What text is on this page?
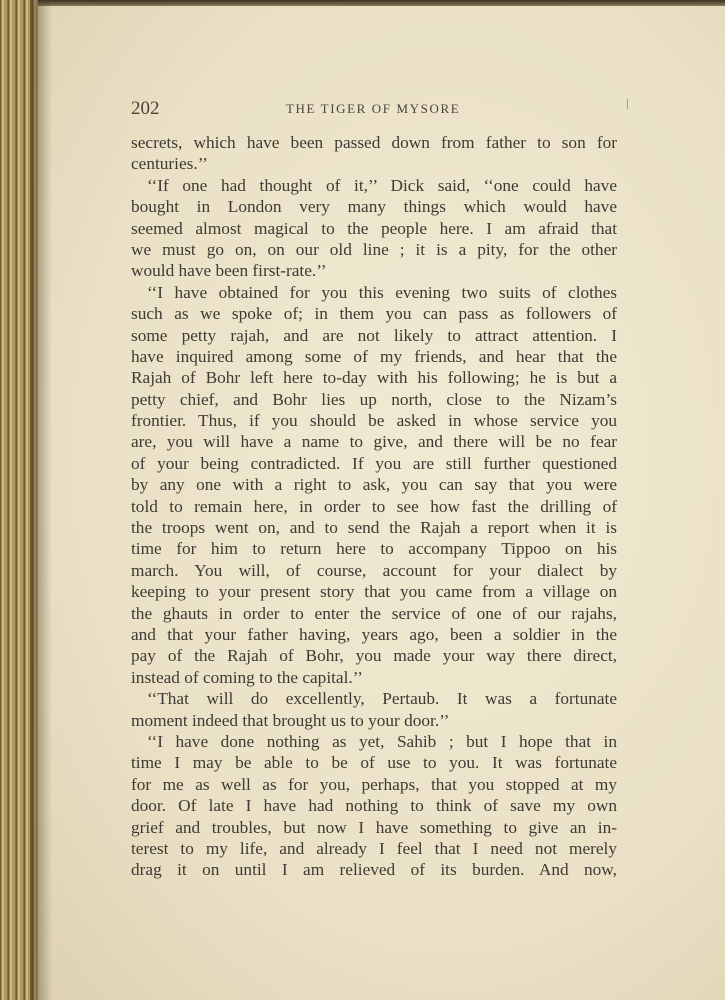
202	THE TIGER OF MYSORE
secrets, which have been passed down from father to son for
centuries.’’
‘‘If one had thought of it,’’ Dick said, ‘‘one could have
bought in London very many things which would have
seemed almost magical to the people here. I am afraid that
we must go on, on our old line ; it is a pity, for the other
would have been first-rate.’’
‘‘I have obtained for you this evening two suits of clothes
such as we spoke of; in them you can pass as followers of
some petty rajah, and are not likely to attract attention. I
have inquired among some of my friends, and hear that the
Rajah of Bohr left here to-day with his following; he is but a
petty chief, and Bohr lies up north, close to the Nizam’s
frontier. Thus, if you should be asked in whose service you
are, you will have a name to give, and there will be no fear
of your being contradicted. If you are still further questioned
by any one with a right to ask, you can say that you were
told to remain here, in order to see how fast the drilling of
the troops went on, and to send the Rajah a report when it is
time for him to return here to accompany Tippoo on his
march. You will, of course, account for your dialect by
keeping to your present story that you came from a village on
the ghauts in order to enter the service of one of our rajahs,
and that your father having, years ago, been a soldier in the
pay of the Rajah of Bohr, you made your way there direct,
instead of coming to the capital.’’
‘‘That will do excellently, Pertaub. It was a fortunate
moment indeed that brought us to your door.’’
‘‘I have done nothing as yet, Sahib ; but I hope that in
time I may be able to be of use to you. It was fortunate
for me as well as for you, perhaps, that you stopped at my
door. Of late I have had nothing to think of save my own
grief and troubles, but now I have something to give an in-
terest to my life, and already I feel that I need not merely
drag it on until I am relieved of its burden. And now,
